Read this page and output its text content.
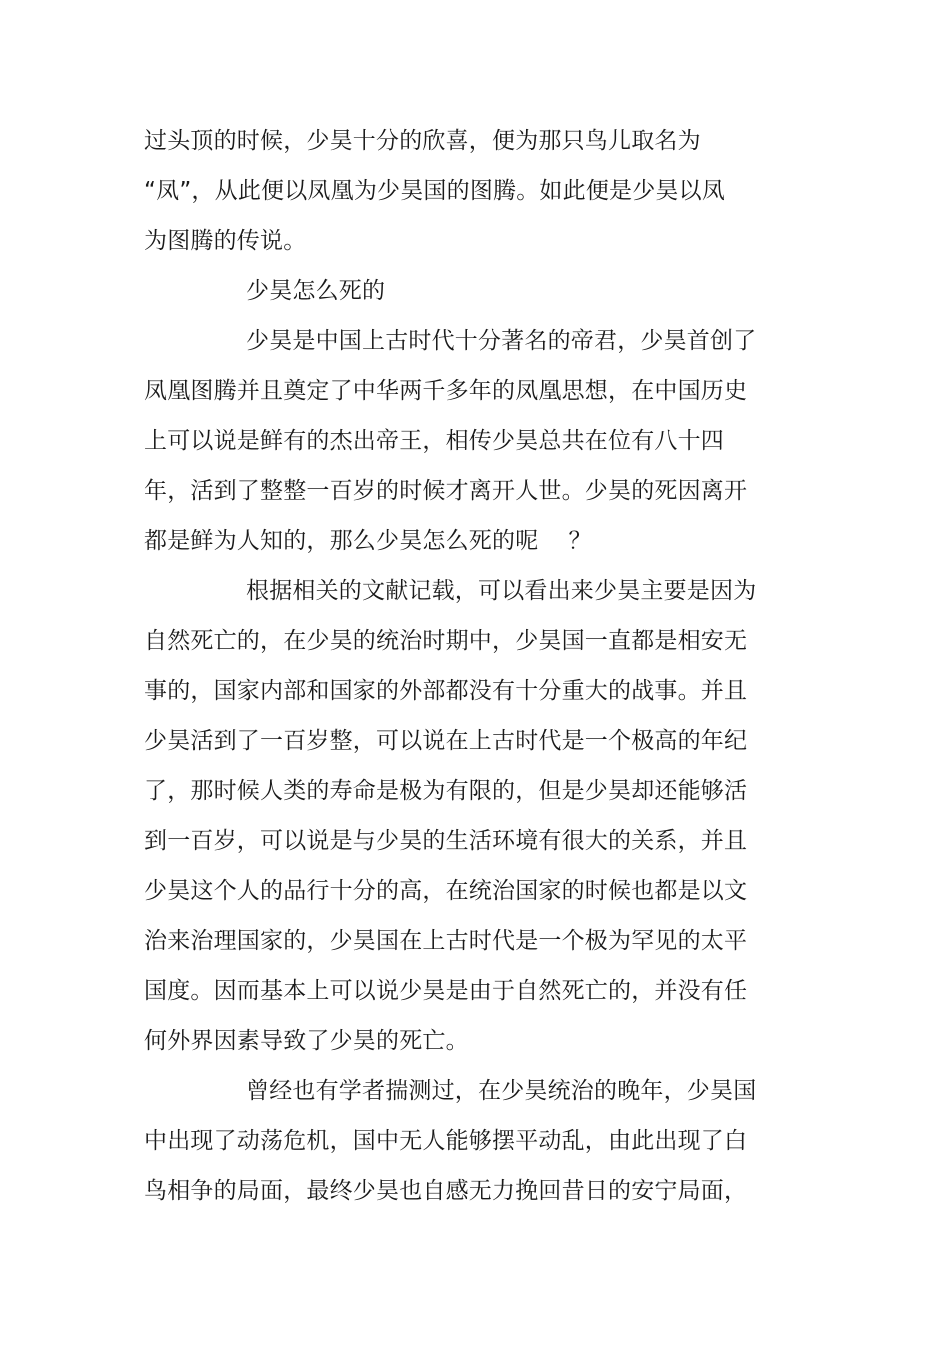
过头顶的时候，少昊十分的欣喜，便为那只鸟儿取名为
“凤”，从此便以凤凰为少昊国的图腾。如此便是少昊以凤
为图腾的传说。
少昊怎么死的
少昊是中国上古时代十分著名的帝君，少昊首创了
凤凰图腾并且奠定了中华两千多年的凤凰思想，在中国历史
上可以说是鲜有的杰出帝王，相传少昊总共在位有八十四
年，活到了整整一百岁的时候才离开人世。少昊的死因离开
都是鲜为人知的，那么少昊怎么死的呢    ？
根据相关的文献记载，可以看出来少昊主要是因为
自然死亡的，在少昊的统治时期中，少昊国一直都是相安无
事的，国家内部和国家的外部都没有十分重大的战事。并且
少昊活到了一百岁整，可以说在上古时代是一个极高的年纪
了，那时候人类的寿命是极为有限的，但是少昊却还能够活
到一百岁，可以说是与少昊的生活环境有很大的关系，并且
少昊这个人的品行十分的高，在统治国家的时候也都是以文
治来治理国家的，少昊国在上古时代是一个极为罕见的太平
国度。因而基本上可以说少昊是由于自然死亡的，并没有任
何外界因素导致了少昊的死亡。
曾经也有学者揣测过，在少昊统治的晚年，少昊国
中出现了动荡危机，国中无人能够摆平动乱，由此出现了白
鸟相争的局面，最终少昊也自感无力挽回昔日的安宁局面，
